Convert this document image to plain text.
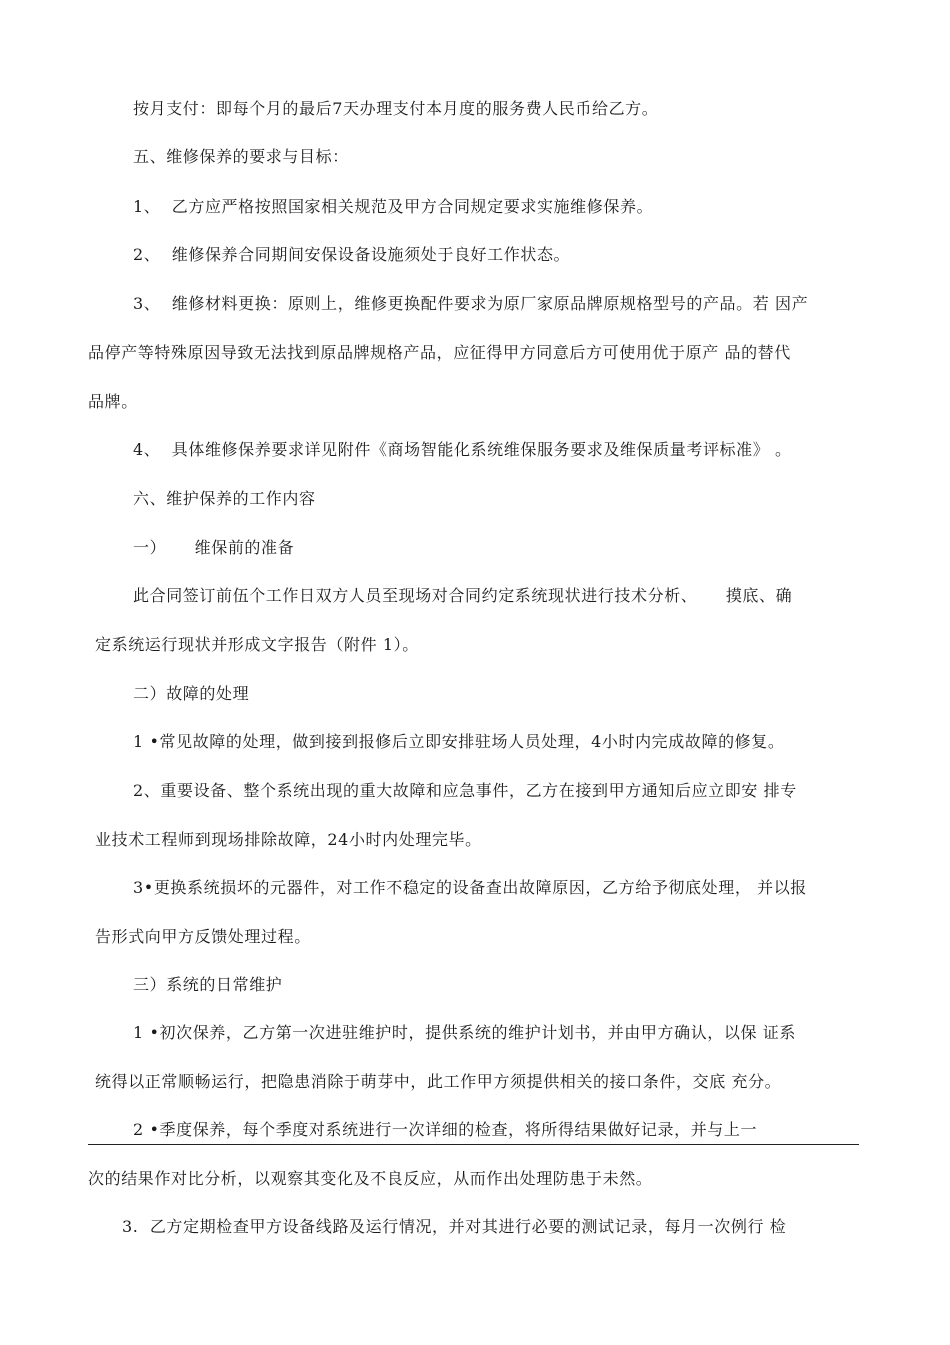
按月支付：即每个月的最后7天办理支付本月度的服务费人民币给乙方。
五、维修保养的要求与目标：
1、  乙方应严格按照国家相关规范及甲方合同规定要求实施维修保养。
2、  维修保养合同期间安保设备设施须处于良好工作状态。
3、  维修材料更换：原则上，维修更换配件要求为原厂家原品牌原规格型号的产品。若 因产
品停产等特殊原因导致无法找到原品牌规格产品，应征得甲方同意后方可使用优于原产 品的替代
品牌。
4、  具体维修保养要求详见附件《商场智能化系统维保服务要求及维保质量考评标准》 。
六、维护保养的工作内容
一）     维保前的准备
此合同签订前伍个工作日双方人员至现场对合同约定系统现状进行技术分析、     摸底、确
定系统运行现状并形成文字报告（附件 1）。
二）故障的处理
1 •常见故障的处理，做到接到报修后立即安排驻场人员处理，4小时内完成故障的修复。
2、重要设备、整个系统出现的重大故障和应急事件，乙方在接到甲方通知后应立即安 排专
业技术工程师到现场排除故障，24小时内处理完毕。
3•更换系统损坏的元器件，对工作不稳定的设备查出故障原因，乙方给予彻底处理， 并以报
告形式向甲方反馈处理过程。
三）系统的日常维护
1 •初次保养，乙方第一次进驻维护时，提供系统的维护计划书，并由甲方确认，以保 证系
统得以正常顺畅运行，把隐患消除于萌芽中，此工作甲方须提供相关的接口条件，交底 充分。
2 •季度保养，每个季度对系统进行一次详细的检查，将所得结果做好记录，并与上一
次的结果作对比分析，以观察其变化及不良反应，从而作出处理防患于未然。
3.  乙方定期检查甲方设备线路及运行情况，并对其进行必要的测试记录，每月一次例行 检
